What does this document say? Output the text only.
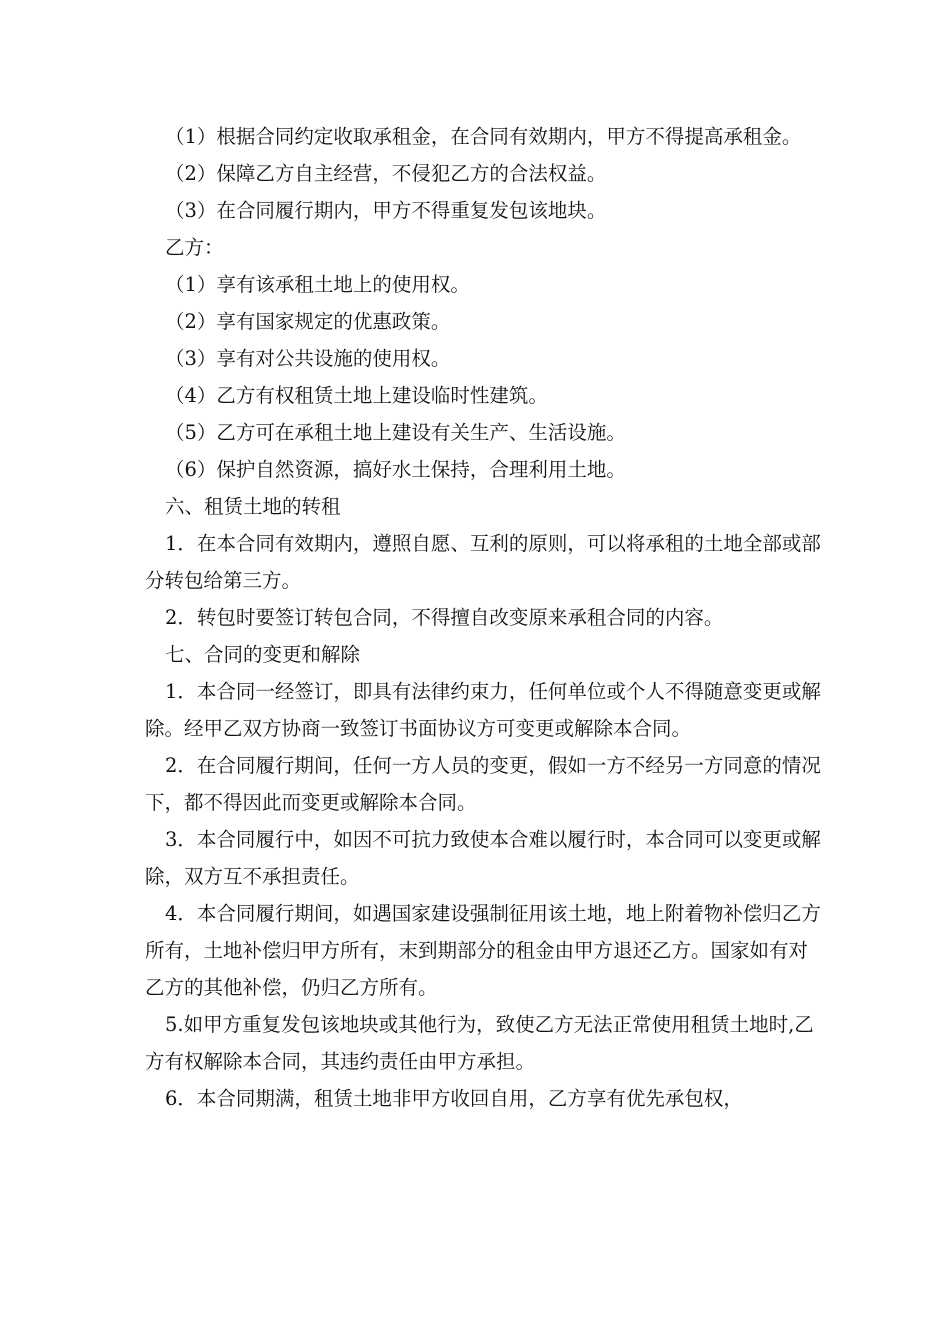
（1）根据合同约定收取承租金，在合同有效期内，甲方不得提高承租金。

（2）保障乙方自主经营，不侵犯乙方的合法权益。

（3）在合同履行期内，甲方不得重复发包该地块。

乙方：

（1）享有该承租土地上的使用权。

（2）享有国家规定的优惠政策。

（3）享有对公共设施的使用权。

（4）乙方有权租赁土地上建设临时性建筑。

（5）乙方可在承租土地上建设有关生产、生活设施。

（6）保护自然资源，搞好水土保持，合理利用土地。

六、租赁土地的转租

1．在本合同有效期内，遵照自愿、互利的原则，可以将承租的土地全部或部分转包给第三方。

2．转包时要签订转包合同，不得擅自改变原来承租合同的内容。

七、合同的变更和解除

1．本合同一经签订，即具有法律约束力，任何单位或个人不得随意变更或解除。经甲乙双方协商一致签订书面协议方可变更或解除本合同。

2．在合同履行期间，任何一方人员的变更，假如一方不经另一方同意的情况下，都不得因此而变更或解除本合同。

3．本合同履行中，如因不可抗力致使本合难以履行时，本合同可以变更或解除，双方互不承担责任。

4．本合同履行期间，如遇国家建设强制征用该土地，地上附着物补偿归乙方所有，土地补偿归甲方所有，末到期部分的租金由甲方退还乙方。国家如有对乙方的其他补偿，仍归乙方所有。

5.如甲方重复发包该地块或其他行为，致使乙方无法正常使用租赁土地时,乙方有权解除本合同，其违约责任由甲方承担。

6．本合同期满，租赁土地非甲方收回自用，乙方享有优先承包权，
